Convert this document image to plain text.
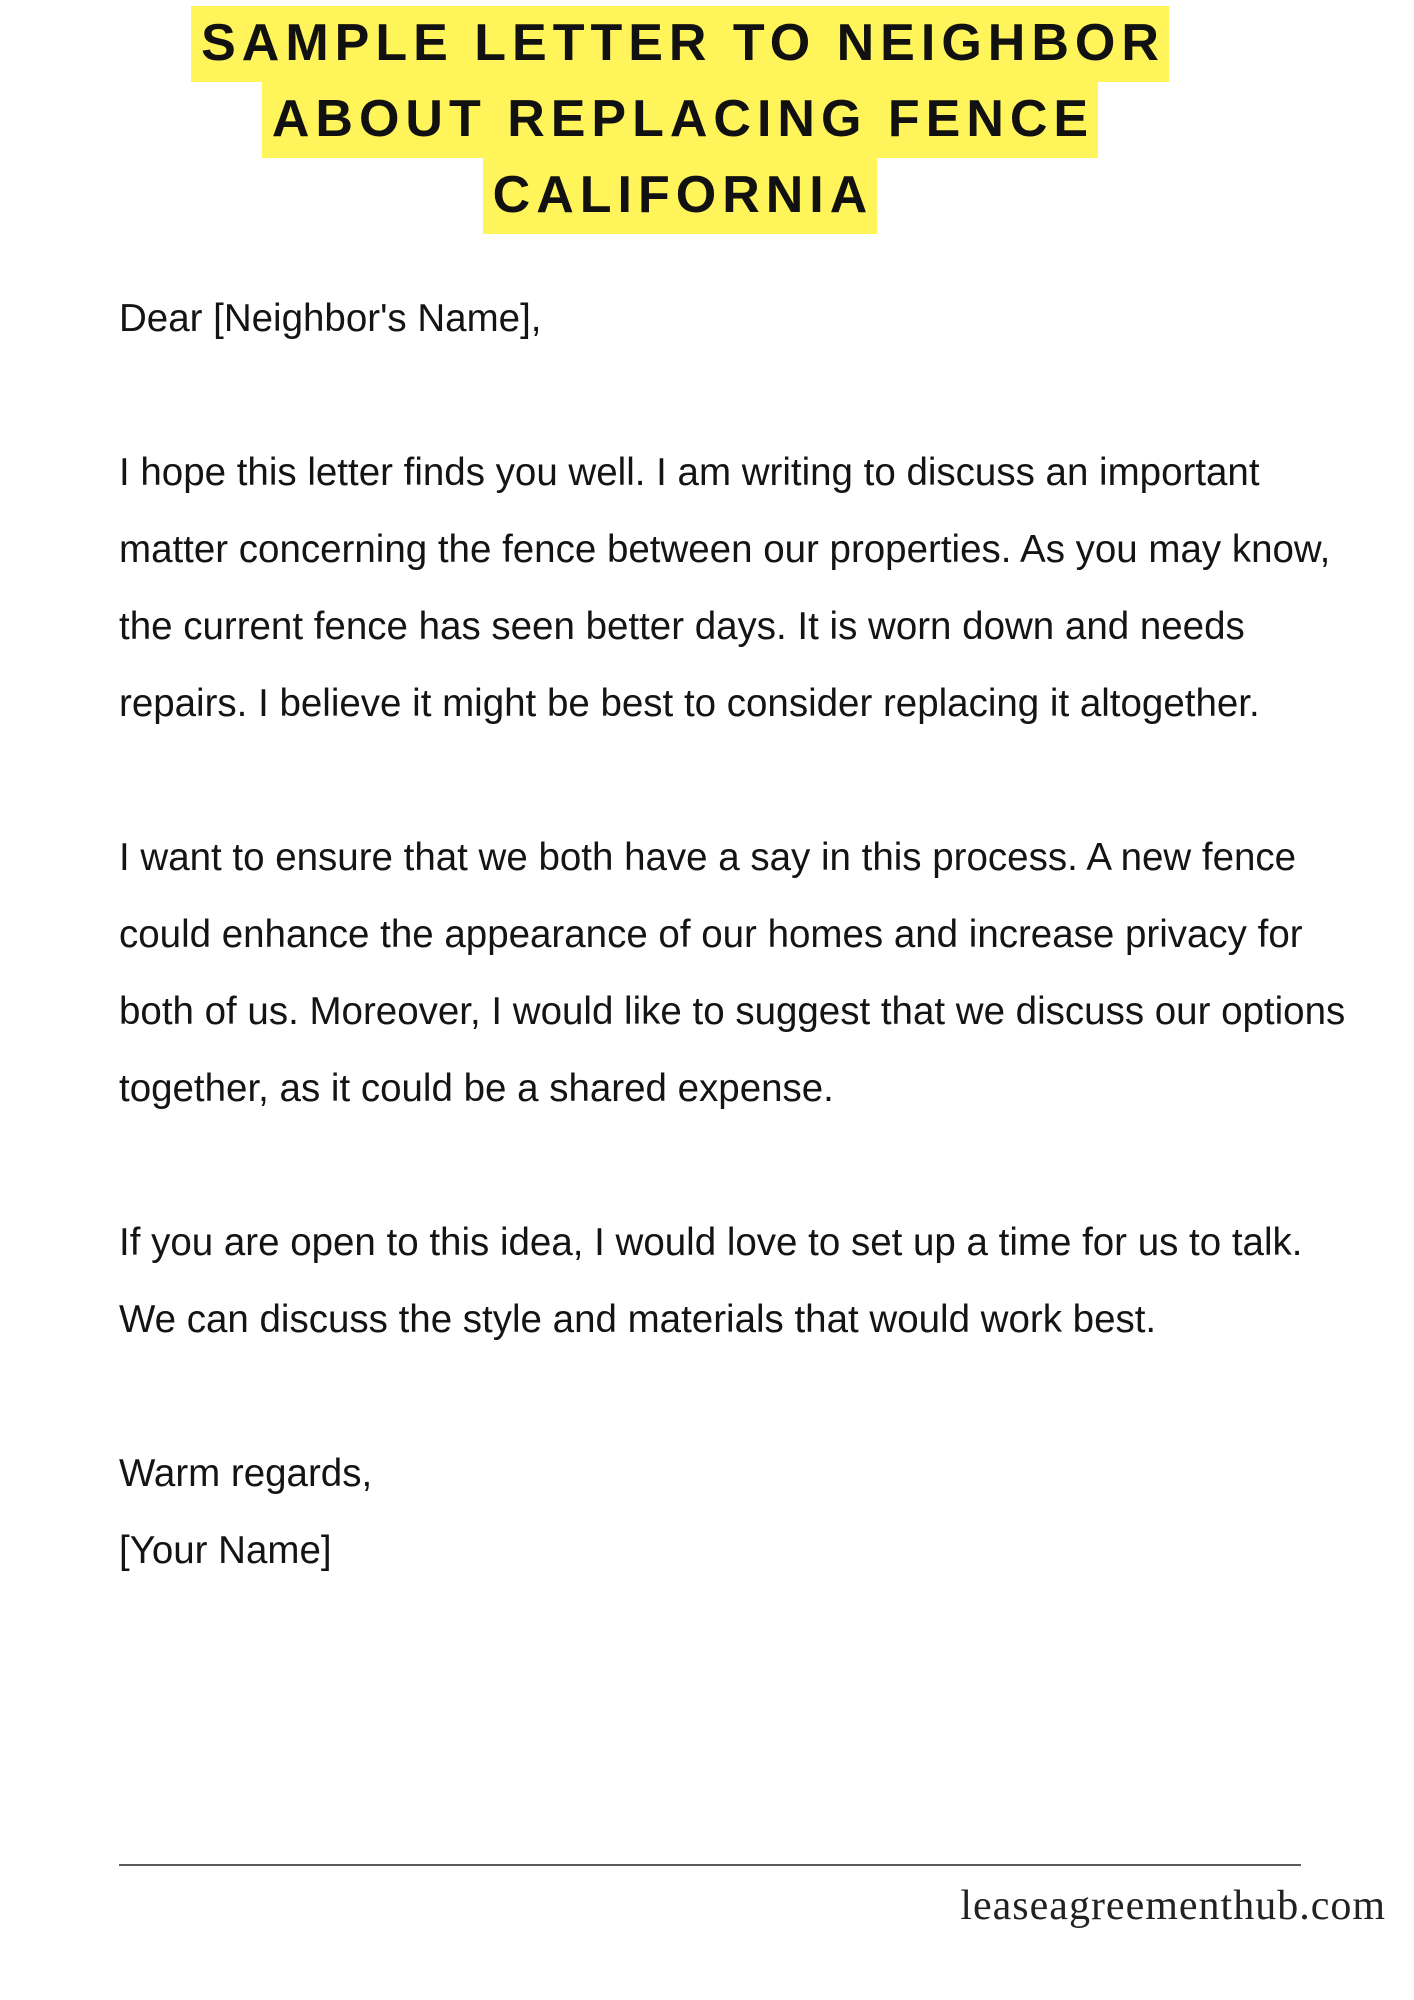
SAMPLE LETTER TO NEIGHBOR
ABOUT REPLACING FENCE
CALIFORNIA

Dear [Neighbor's Name],

I hope this letter finds you well. I am writing to discuss an important matter concerning the fence between our properties. As you may know, the current fence has seen better days. It is worn down and needs repairs. I believe it might be best to consider replacing it altogether.

I want to ensure that we both have a say in this process. A new fence could enhance the appearance of our homes and increase privacy for both of us. Moreover, I would like to suggest that we discuss our options together, as it could be a shared expense.

If you are open to this idea, I would love to set up a time for us to talk. We can discuss the style and materials that would work best.

Warm regards,

[Your Name]

leaseagreementhub.com
